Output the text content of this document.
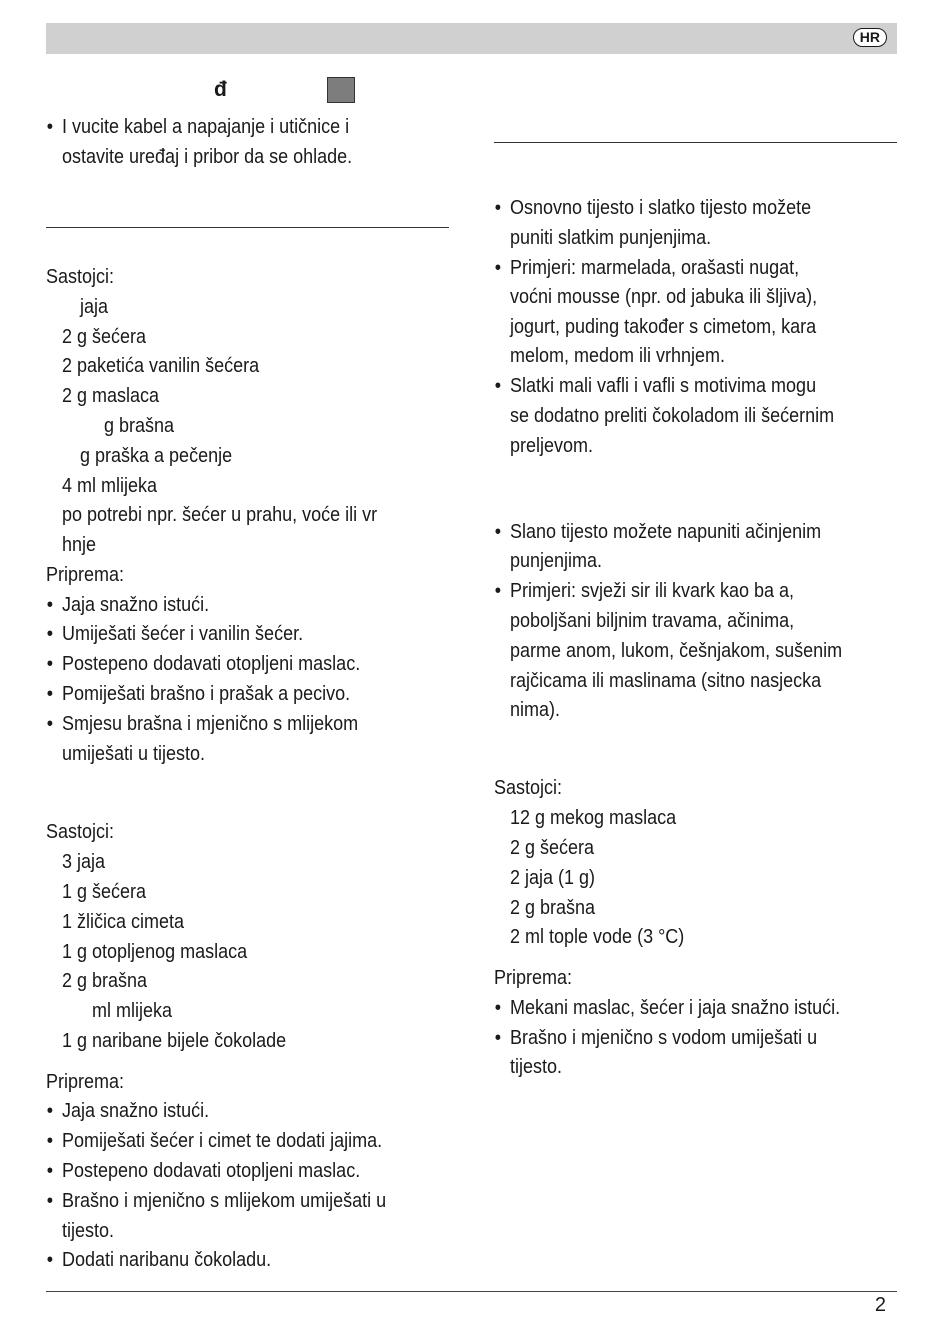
HR
đ
• I vucite kabel a napajanje i utičnice i
ostavite uređaj i pribor da se ohlade.
Sastojci:
jaja
2 g šećera
2 paketića vanilin šećera
2 g maslaca
g brašna
g praška a pečenje
4 ml mlijeka
po potrebi npr. šećer u prahu, voće ili vr
hnje
Priprema:
• Jaja snažno istući.
• Umiješati šećer i vanilin šećer.
• Postepeno dodavati otopljeni maslac.
• Pomiješati brašno i prašak a pecivo.
• Smjesu brašna i mjenično s mlijekom
umiješati u tijesto.
Sastojci:
3 jaja
1 g šećera
1 žličica cimeta
1 g otopljenog maslaca
2 g brašna
ml mlijeka
1 g naribane bijele čokolade
Priprema:
• Jaja snažno istući.
• Pomiješati šećer i cimet te dodati jajima.
• Postepeno dodavati otopljeni maslac.
• Brašno i mjenično s mlijekom umiješati u
tijesto.
• Dodati naribanu čokoladu.
• Osnovno tijesto i slatko tijesto možete
puniti slatkim punjenjima.
• Primjeri: marmelada, orašasti nugat,
voćni mousse (npr. od jabuka ili šljiva),
jogurt, puding također s cimetom, kara
melom, medom ili vrhnjem.
• Slatki mali vafli i vafli s motivima mogu
se dodatno preliti čokoladom ili šećernim
preljevom.
• Slano tijesto možete napuniti ačinjenim
punjenjima.
• Primjeri: svježi sir ili kvark kao ba a,
poboljšani biljnim travama, ačinima,
parme anom, lukom, češnjakom, sušenim
rajčicama ili maslinama (sitno nasjecka
nima).
Sastojci:
12 g mekog maslaca
2 g šećera
2 jaja (1 g)
2 g brašna
2 ml tople vode (3 °C)
Priprema:
• Mekani maslac, šećer i jaja snažno istući.
• Brašno i mjenično s vodom umiješati u
tijesto.
2
